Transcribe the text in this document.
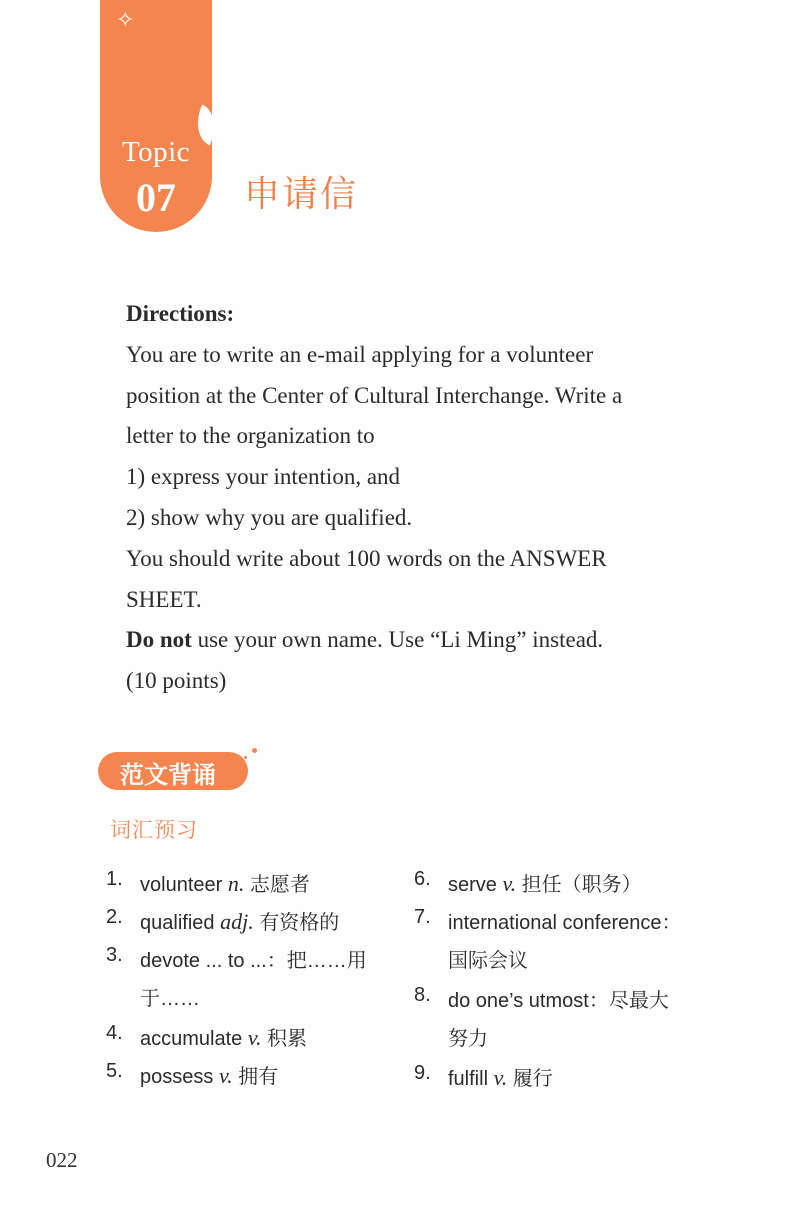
✧
Topic
07	申请信
Directions:
You are to write an e-mail applying for a volunteer
position at the Center of Cultural Interchange. Write a
letter to the organization to
1) express your intention, and
2) show why you are qualified.
You should write about 100 words on the ANSWER
SHEET.
Do not use your own name. Use “Li Ming” instead.
(10 points)
范文背诵
词汇预习
1. volunteer n. 志愿者
2. qualified adj. 有资格的
3. devote ... to ...：把……用
于……
4. accumulate v. 积累
5. possess v. 拥有
6. serve v. 担任（职务）
7. international conference：
国际会议
8. do one’s utmost：尽最大
努力
9. fulfill v. 履行
022
